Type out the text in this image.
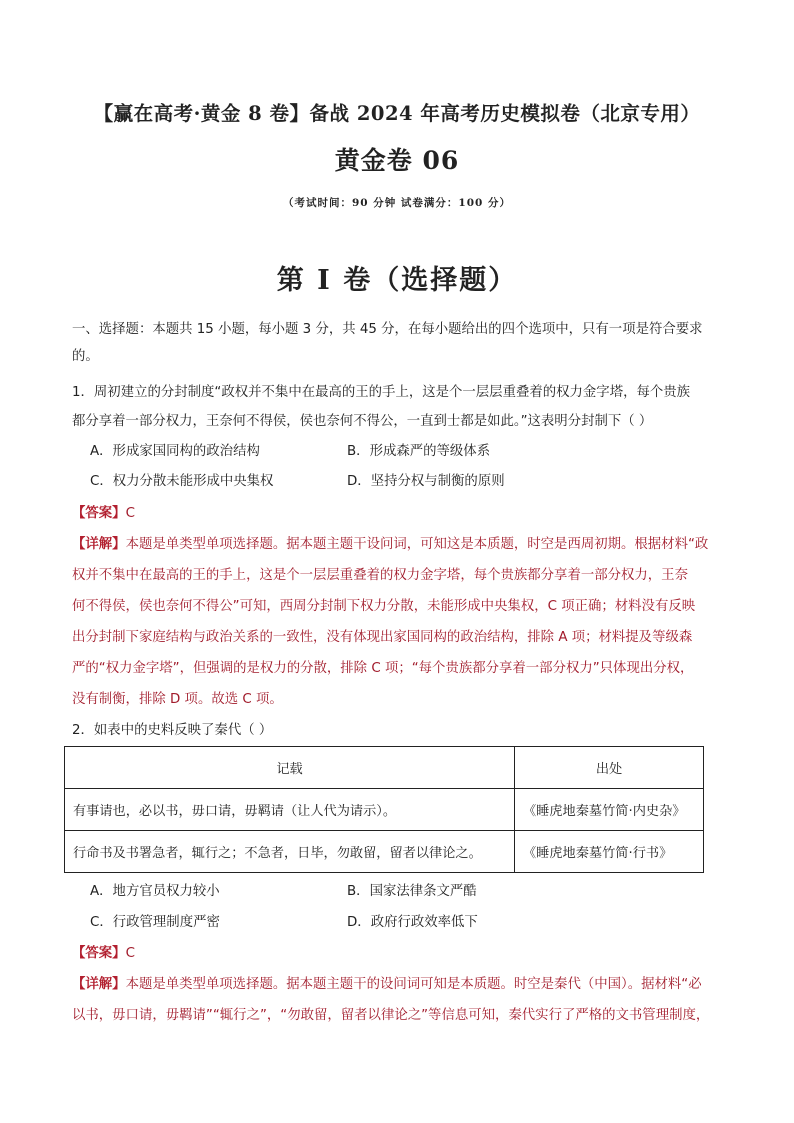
【赢在高考·黄金 8 卷】备战 2024 年高考历史模拟卷（北京专用）
黄金卷 06
（考试时间：90 分钟 试卷满分：100 分）
第 I 卷（选择题）
一、选择题：本题共 15 小题，每小题 3 分，共 45 分，在每小题给出的四个选项中，只有一项是符合要求
的。
1．周初建立的分封制度“政权并不集中在最高的王的手上，这是个一层层重叠着的权力金字塔，每个贵族
都分享着一部分权力，王奈何不得侯，侯也奈何不得公，一直到士都是如此。”这表明分封制下（ ）
A．形成家国同构的政治结构	B．形成森严的等级体系
C．权力分散未能形成中央集权	D．坚持分权与制衡的原则
【答案】C
【详解】本题是单类型单项选择题。据本题主题干设问词，可知这是本质题，时空是西周初期。根据材料“政
权并不集中在最高的王的手上，这是个一层层重叠着的权力金字塔，每个贵族都分享着一部分权力，王奈
何不得侯，侯也奈何不得公”可知，西周分封制下权力分散，未能形成中央集权，C 项正确；材料没有反映
出分封制下家庭结构与政治关系的一致性，没有体现出家国同构的政治结构，排除 A 项；材料提及等级森
严的“权力金字塔”，但强调的是权力的分散，排除 C 项；“每个贵族都分享着一部分权力”只体现出分权，
没有制衡，排除 D 项。故选 C 项。
2．如表中的史料反映了秦代（ ）
记载	出处
有事请也，必以书，毋口请，毋羁请（让人代为请示）。	《睡虎地秦墓竹简·内史杂》
行命书及书署急者，辄行之；不急者，日毕，勿敢留，留者以律论之。	《睡虎地秦墓竹简·行书》
A．地方官员权力较小	B．国家法律条文严酷
C．行政管理制度严密	D．政府行政效率低下
【答案】C
【详解】本题是单类型单项选择题。据本题主题干的设问词可知是本质题。时空是秦代（中国）。据材料“必
以书，毋口请，毋羁请”“辄行之”，“勿敢留，留者以律论之”等信息可知，秦代实行了严格的文书管理制度，
